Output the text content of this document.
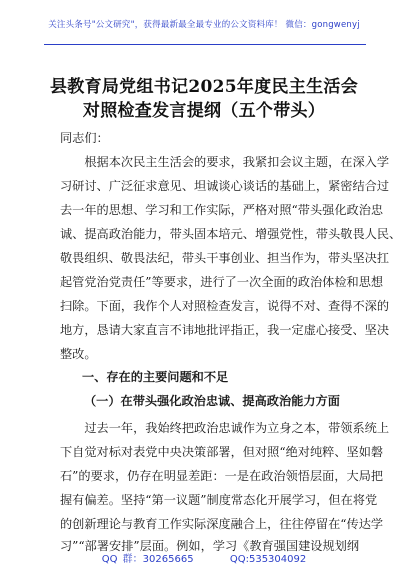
关注头条号"公文研究"，获得最新最全最专业的公文资料库！ 微信：gongwenyj
县教育局党组书记2025年度民主生活会
对照检查发言提纲（五个带头）
同志们：
　　根据本次民主生活会的要求，我紧扣会议主题，在深入学
习研讨、广泛征求意见、坦诚谈心谈话的基础上，紧密结合过
去一年的思想、学习和工作实际，严格对照“带头强化政治忠
诚、提高政治能力，带头固本培元、增强党性，带头敬畏人民、
敬畏组织、敬畏法纪，带头干事创业、担当作为，带头坚决扛
起管党治党责任”等要求，进行了一次全面的政治体检和思想
扫除。下面，我作个人对照检查发言，说得不对、查得不深的
地方，恳请大家直言不讳地批评指正，我一定虚心接受、坚决
整改。
一、存在的主要问题和不足
（一）在带头强化政治忠诚、提高政治能力方面
　　过去一年，我始终把政治忠诚作为立身之本，带领系统上
下自觉对标对表党中央决策部署，但对照“绝对纯粹、坚如磐
石”的要求，仍存在明显差距：一是在政治领悟层面，大局把
握有偏差。坚持“第一议题”制度常态化开展学习，但在将党
的创新理论与教育工作实际深度融合上，往往停留在“传达学
习”“部署安排”层面。例如，学习《教育强国建设规划纲
QQ 群：30265665	QQ:535304092
